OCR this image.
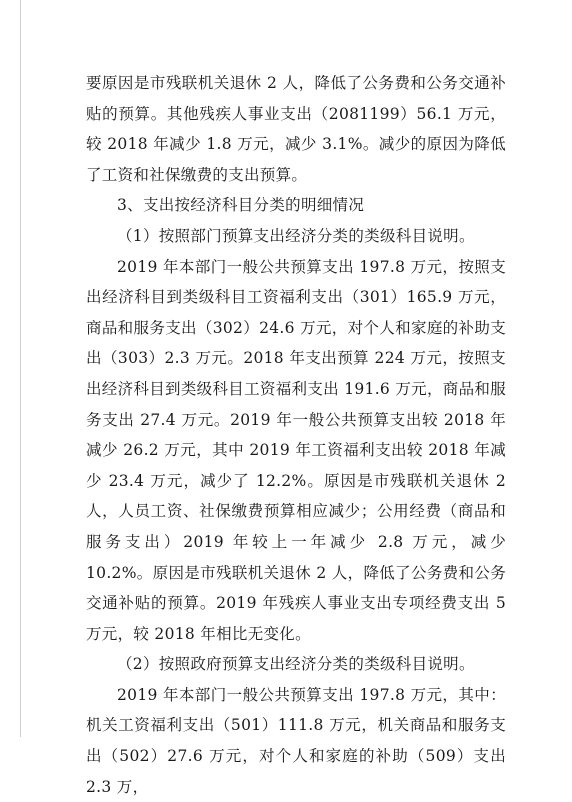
要原因是市残联机关退休 2 人，降低了公务费和公务交通补贴的预算。其他残疾人事业支出（2081199）56.1 万元，较 2018 年减少 1.8 万元，减少 3.1%。减少的原因为降低了工资和社保缴费的支出预算。

3、支出按经济科目分类的明细情况

（1）按照部门预算支出经济分类的类级科目说明。

2019 年本部门一般公共预算支出 197.8 万元，按照支出经济科目到类级科目工资福利支出（301）165.9 万元，商品和服务支出（302）24.6 万元，对个人和家庭的补助支出（303）2.3 万元。2018 年支出预算 224 万元，按照支出经济科目到类级科目工资福利支出 191.6 万元，商品和服务支出 27.4 万元。2019 年一般公共预算支出较 2018 年减少 26.2 万元，其中 2019 年工资福利支出较 2018 年减少 23.4 万元，减少了 12.2%。原因是市残联机关退休 2 人，人员工资、社保缴费预算相应减少；公用经费（商品和服务支出）2019 年较上一年减少 2.8 万元，减少 10.2%。原因是市残联机关退休 2 人，降低了公务费和公务交通补贴的预算。2019 年残疾人事业支出专项经费支出 5 万元，较 2018 年相比无变化。

（2）按照政府预算支出经济分类的类级科目说明。

2019 年本部门一般公共预算支出 197.8 万元，其中：机关工资福利支出（501）111.8 万元，机关商品和服务支出（502）27.6 万元，对个人和家庭的补助（509）支出 2.3 万，
